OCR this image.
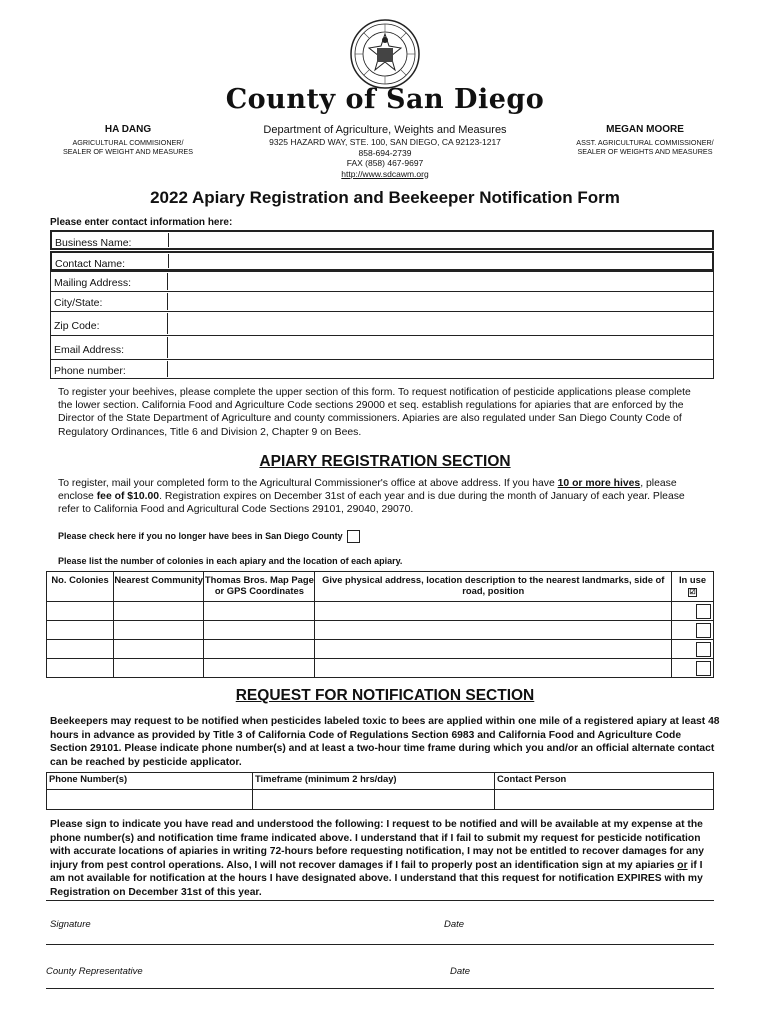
County of San Diego
HA DANG
AGRICULTURAL COMMISIONER/
SEALER OF WEIGHT AND MEASURES
Department of Agriculture, Weights and Measures
9325 HAZARD WAY, STE. 100, SAN DIEGO, CA 92123-1217
858-694-2739
FAX (858) 467-9697
http://www.sdcawm.org
MEGAN MOORE
ASST. AGRICULTURAL COMMISSIONER/
SEALER OF WEIGHTS AND MEASURES
2022 Apiary Registration and Beekeeper Notification Form
Please enter contact information here:
Business Name:
Contact Name:
Mailing Address:
City/State:
Zip Code:
Email Address:
Phone number:
To register your beehives, please complete the upper section of this form. To request notification of pesticide applications please complete the lower section. California Food and Agriculture Code sections 29000 et seq. establish regulations for apiaries that are enforced by the Director of the State Department of Agriculture and county commissioners. Apiaries are also regulated under San Diego County Code of Regulatory Ordinances, Title 6 and Division 2, Chapter 9 on Bees.
APIARY REGISTRATION SECTION
To register, mail your completed form to the Agricultural Commissioner's office at above address. If you have 10 or more hives, please enclose fee of $10.00. Registration expires on December 31st of each year and is due during the month of January of each year. Please refer to California Food and Agricultural Code Sections 29101, 29040, 29070.
Please check here if you no longer have bees in San Diego County
Please list the number of colonies in each apiary and the location of each apiary.
No. Colonies	Nearest Community	Thomas Bros. Map Page or GPS Coordinates	Give physical address, location description to the nearest landmarks, side of road, position	In use
☑

REQUEST FOR NOTIFICATION SECTION
Beekeepers may request to be notified when pesticides labeled toxic to bees are applied within one mile of a registered apiary at least 48 hours in advance as provided by Title 3 of California Code of Regulations Section 6983 and California Food and Agriculture Code Section 29101. Please indicate phone number(s) and at least a two-hour time frame during which you and/or an official alternate contact can be reached by pesticide applicator.
Phone Number(s)	Timeframe (minimum 2 hrs/day)	Contact Person

Please sign to indicate you have read and understood the following: I request to be notified and will be available at my expense at the phone number(s) and notification time frame indicated above. I understand that if I fail to submit my request for pesticide notification with accurate locations of apiaries in writing 72-hours before requesting notification, I may not be entitled to recover damages for any injury from pest control operations. Also, I will not recover damages if I fail to properly post an identification sign at my apiaries or if I am not available for notification at the hours I have designated above. I understand that this request for notification EXPIRES with my Registration on December 31st of this year.
Signature	Date
County Representative	Date
